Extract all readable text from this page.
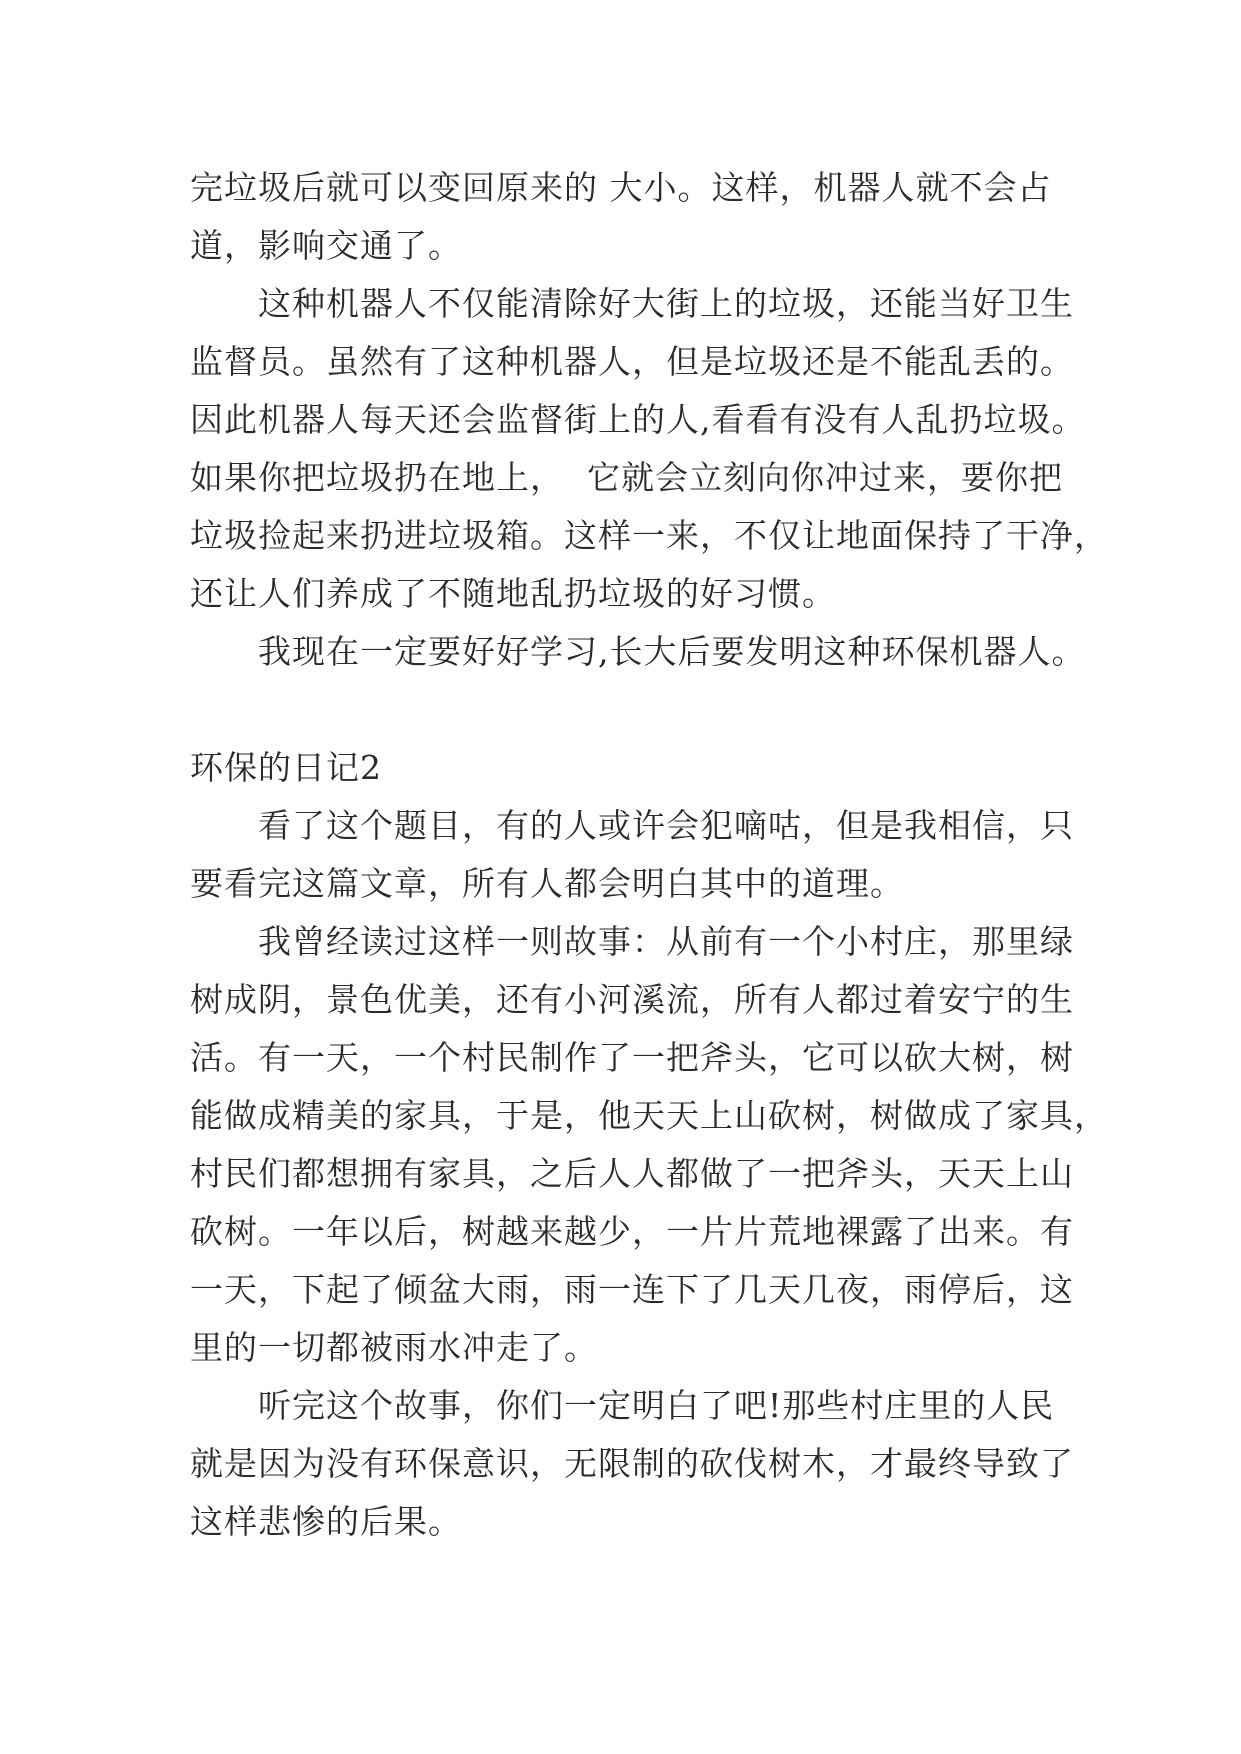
完垃圾后就可以变回原来的 大小。这样，机器人就不会占
道，影响交通了。
这种机器人不仅能清除好大街上的垃圾，还能当好卫生
监督员。虽然有了这种机器人，但是垃圾还是不能乱丢的。
因此机器人每天还会监督街上的人,看看有没有人乱扔垃圾。
如果你把垃圾扔在地上，  它就会立刻向你冲过来，要你把
垃圾捡起来扔进垃圾箱。这样一来，不仅让地面保持了干净，
还让人们养成了不随地乱扔垃圾的好习惯。
我现在一定要好好学习,长大后要发明这种环保机器人。
环保的日记2
看了这个题目，有的人或许会犯嘀咕，但是我相信，只
要看完这篇文章，所有人都会明白其中的道理。
我曾经读过这样一则故事：从前有一个小村庄，那里绿
树成阴，景色优美，还有小河溪流，所有人都过着安宁的生
活。有一天，一个村民制作了一把斧头，它可以砍大树，树
能做成精美的家具，于是，他天天上山砍树，树做成了家具，
村民们都想拥有家具，之后人人都做了一把斧头，天天上山
砍树。一年以后，树越来越少，一片片荒地裸露了出来。有
一天，下起了倾盆大雨，雨一连下了几天几夜，雨停后，这
里的一切都被雨水冲走了。
听完这个故事，你们一定明白了吧!那些村庄里的人民
就是因为没有环保意识，无限制的砍伐树木，才最终导致了
这样悲惨的后果。
